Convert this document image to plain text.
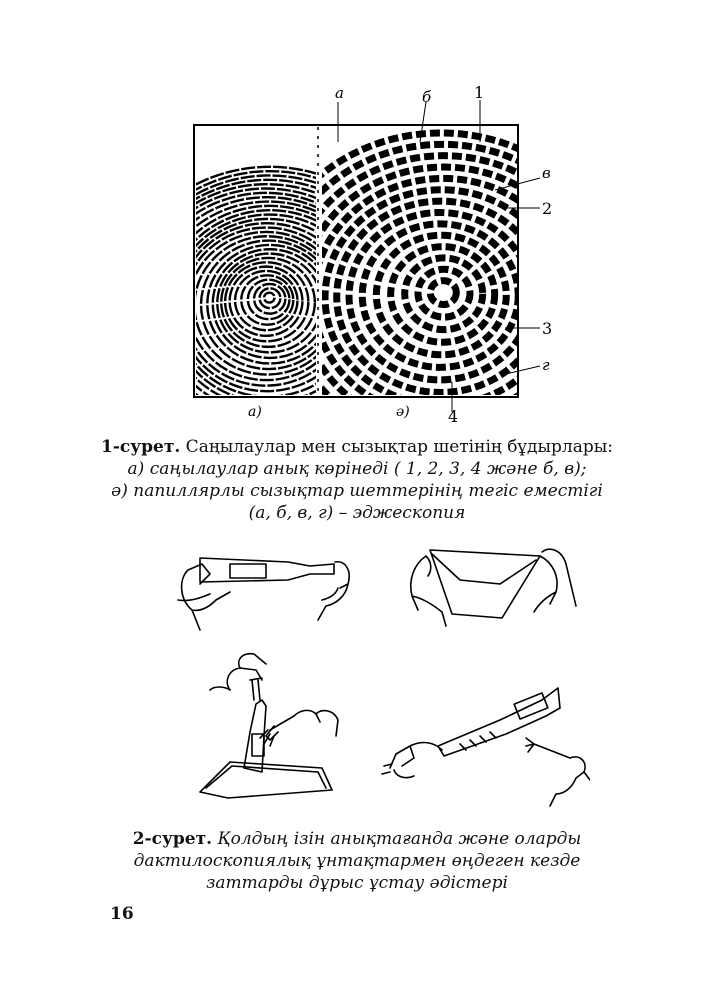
а	б	1
в
2
3
г
4
а)	ә)
1-сурет. Саңылаулар мен сызықтар шетінің бұдырлары:
а) саңылаулар анық көрінеді ( 1, 2, 3, 4 және б, в);
ә) папиллярлы сызықтар шеттерінің тегіс еместігі
(а, б, в, г) – эджескопия
2-сурет. Қолдың ізін анықтағанда және оларды
дактилоскопиялық ұнтақтармен өңдеген кезде
заттарды дұрыс ұстау әдістері
16
